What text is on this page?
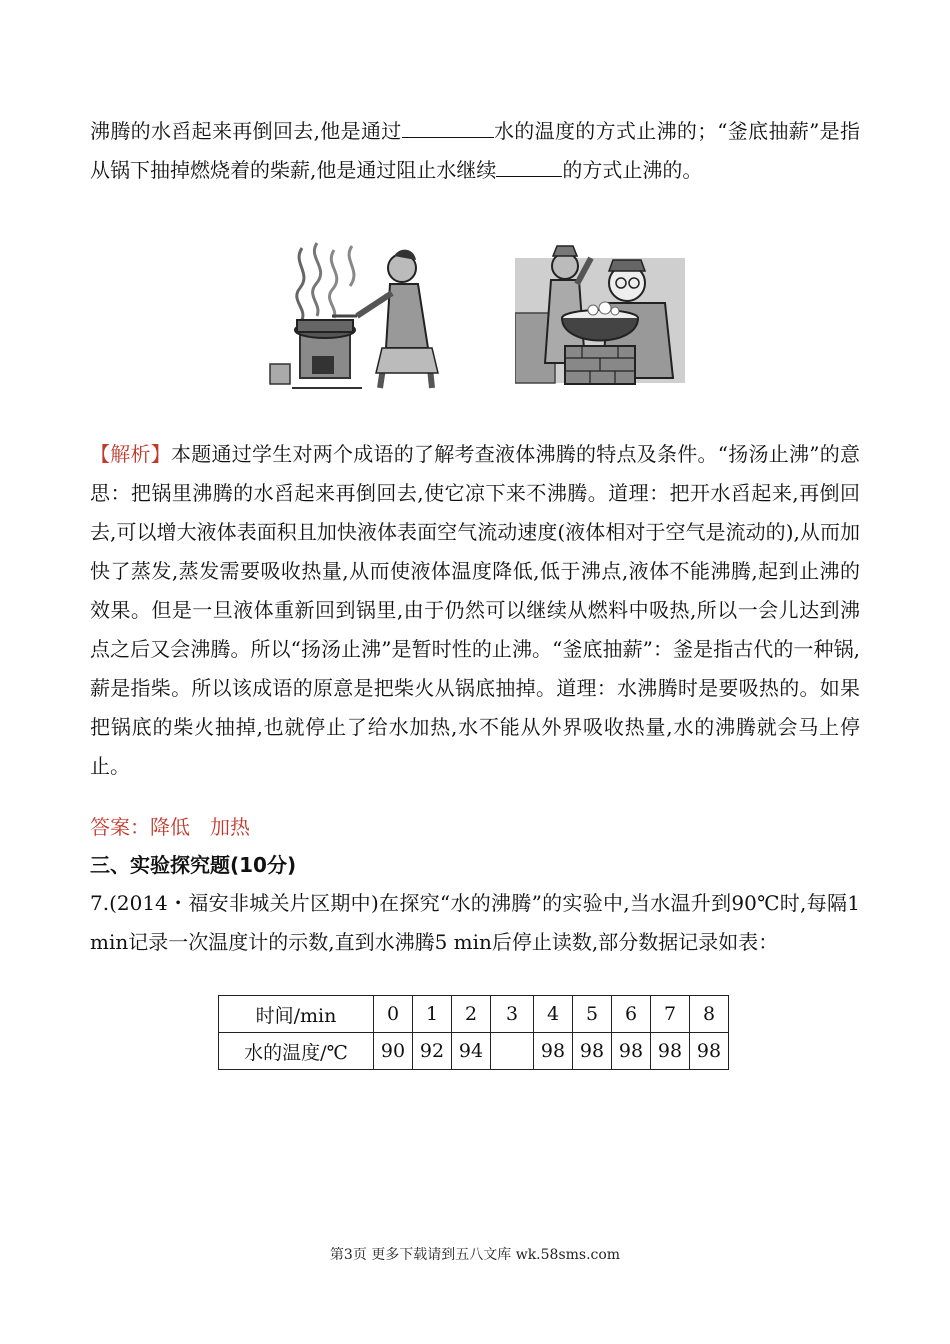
沸腾的水舀起来再倒回去,他是通过	水的温度的方式止沸的；“釜底抽薪”是指从锅下抽掉燃烧着的柴薪,他是通过阻止水继续	的方式止沸的。
【解析】本题通过学生对两个成语的了解考查液体沸腾的特点及条件。“扬汤止沸”的意思：把锅里沸腾的水舀起来再倒回去,使它凉下来不沸腾。道理：把开水舀起来,再倒回去,可以增大液体表面积且加快液体表面空气流动速度(液体相对于空气是流动的),从而加快了蒸发,蒸发需要吸收热量,从而使液体温度降低,低于沸点,液体不能沸腾,起到止沸的效果。但是一旦液体重新回到锅里,由于仍然可以继续从燃料中吸热,所以一会儿达到沸点之后又会沸腾。所以“扬汤止沸”是暂时性的止沸。“釜底抽薪”：釜是指古代的一种锅,薪是指柴。所以该成语的原意是把柴火从锅底抽掉。道理：水沸腾时是要吸热的。如果把锅底的柴火抽掉,也就停止了给水加热,水不能从外界吸收热量,水的沸腾就会马上停止。
答案：降低　加热
三、实验探究题(10分)
7.(2014・福安非城关片区期中)在探究“水的沸腾”的实验中,当水温升到90℃时,每隔1 min记录一次温度计的示数,直到水沸腾5 min后停止读数,部分数据记录如表：
时间/min	0	1	2	3	4	5	6	7	8
水的温度/℃	90	92	94		98	98	98	98	98
第3页 更多下载请到五八文库 wk.58sms.com
